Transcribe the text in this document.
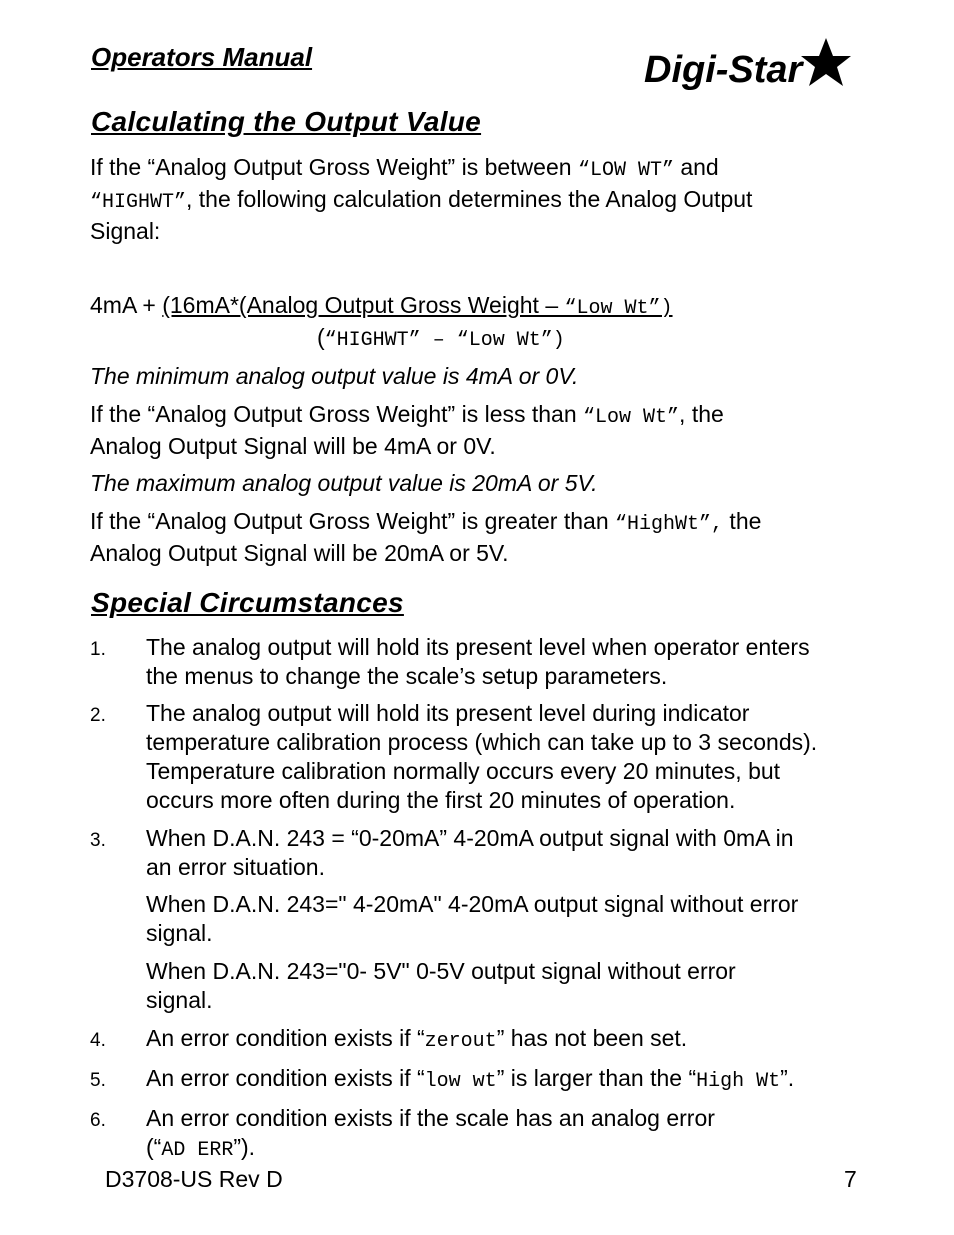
Operators Manual	Digi-Star
Calculating the Output Value
If the “Analog Output Gross Weight” is between “LOW WT” and
“HIGHWT”, the following calculation determines the Analog Output
Signal:
4mA + (16mA*(Analog Output Gross Weight – “Low Wt”)
(“HIGHWT” – “Low Wt”)
The minimum analog output value is 4mA or 0V.
If the “Analog Output Gross Weight” is less than “Low Wt”, the
Analog Output Signal will be 4mA or 0V.
The maximum analog output value is 20mA or 5V.
If the “Analog Output Gross Weight” is greater than “HighWt”, the
Analog Output Signal will be 20mA or 5V.
Special Circumstances
1. The analog output will hold its present level when operator enters
the menus to change the scale’s setup parameters.
2. The analog output will hold its present level during indicator
temperature calibration process (which can take up to 3 seconds).
Temperature calibration normally occurs every 20 minutes, but
occurs more often during the first 20 minutes of operation.
3. When D.A.N. 243 = “0-20mA” 4-20mA output signal with 0mA in
an error situation.
When D.A.N. 243=" 4-20mA" 4-20mA output signal without error
signal.
When D.A.N. 243="0- 5V" 0-5V output signal without error
signal.
4. An error condition exists if “zerout” has not been set.
5. An error condition exists if “low wt” is larger than the “High Wt”.
6. An error condition exists if the scale has an analog error
(“AD ERR”).
D3708-US Rev D	7
